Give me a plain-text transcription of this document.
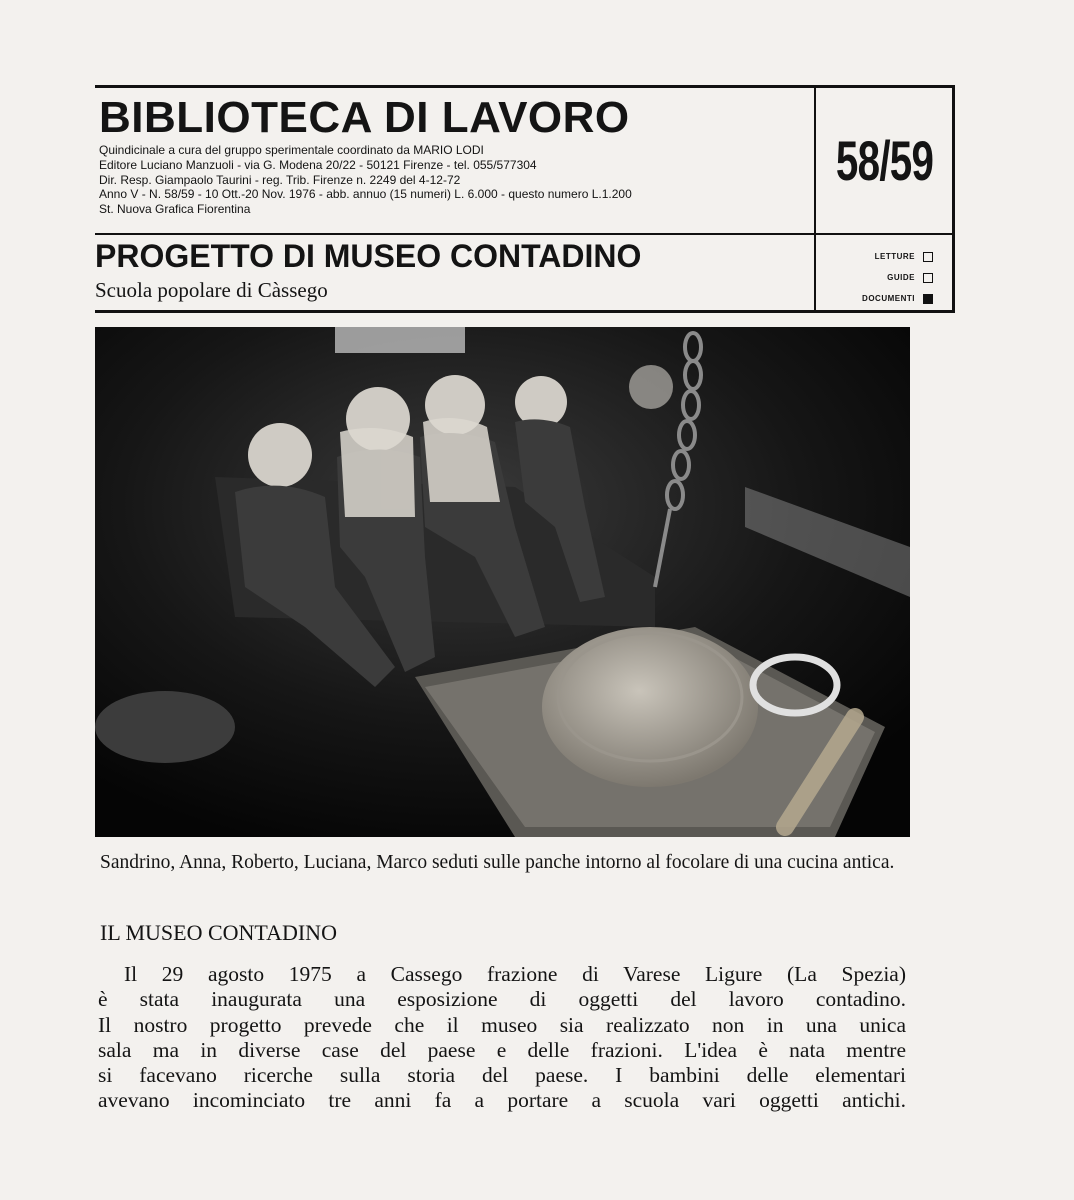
BIBLIOTECA DI LAVORO
Quindicinale a cura del gruppo sperimentale coordinato da MARIO LODI
Editore Luciano Manzuoli - via G. Modena 20/22 - 50121 Firenze - tel. 055/577304
Dir. Resp. Giampaolo Taurini - reg. Trib. Firenze n. 2249 del 4-12-72
Anno V - N. 58/59 - 10 Ott.-20 Nov. 1976 - abb. annuo (15 numeri) L. 6.000 - questo numero L.1.200
St. Nuova Grafica Fiorentina
58/59
PROGETTO DI MUSEO CONTADINO
Scuola popolare di Càssego
LETTURE
GUIDE
DOCUMENTI
Sandrino, Anna, Roberto, Luciana, Marco seduti sulle panche intorno al focolare di una cucina antica.
IL MUSEO CONTADINO
Il 29 agosto 1975 a Cassego frazione di Varese Ligure (La Spezia)
è stata inaugurata una esposizione di oggetti del lavoro contadino.
Il nostro progetto prevede che il museo sia realizzato non in una unica
sala ma in diverse case del paese e delle frazioni. L'idea è nata mentre
si facevano ricerche sulla storia del paese. I bambini delle elementari
avevano incominciato tre anni fa a portare a scuola vari oggetti antichi.
